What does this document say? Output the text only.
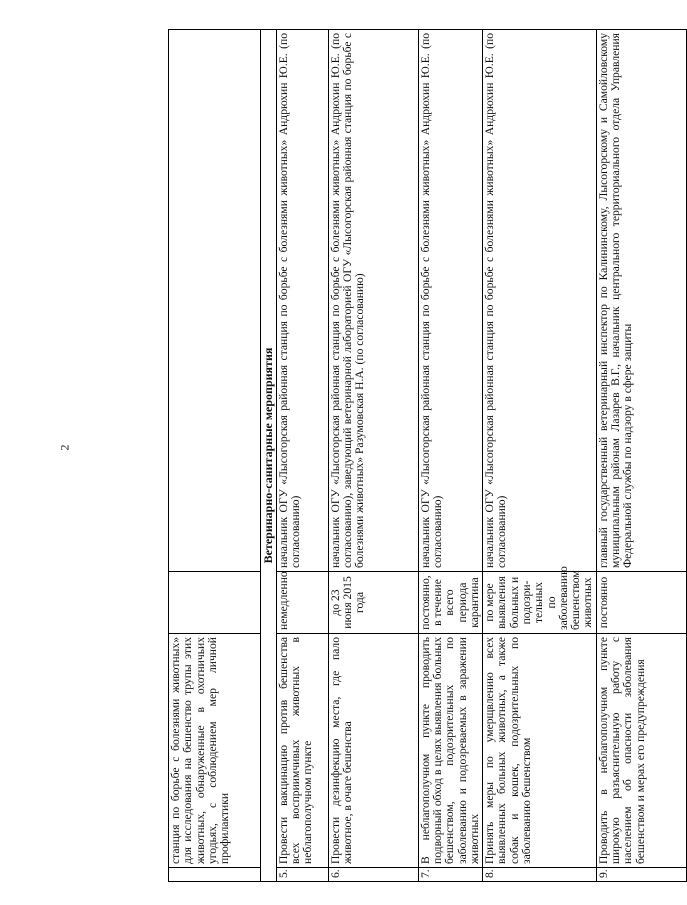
2
	станция по борьбе с болезнями животных» для исследования на бешенство трупы этих животных, обнаруженные в охотничьих угодьях, с соблюдением мер личной профилактики		
Ветеринарно-санитарные мероприятия			
5.	Провести вакцинацию против бешенства всех восприимчивых животных в неблагополучном пункте	немедленно	начальник ОГУ «Лысогорская районная станция по борьбе с болезнями животных» Андрюхин Ю.Е. (по согласованию)
6.	Провести дезинфекцию места, где пало животное, в очаге бешенства	до 23 июня 2015 года	начальник ОГУ «Лысогорская районная станция по борьбе с болезнями животных» Андрюхин Ю.Е. (по согласованию), заведующий ветеринарной лабораторией ОГУ «Лысогорская районная станция по борьбе с болезнями животных» Разумовская Н.А. (по согласованию)
7.	В неблагополучном пункте проводить подворный обход в целях выявления больных бешенством, подозрительных по заболеванию и подозреваемых в заражении животных	постоянно, в течение всего периода карантина	начальник ОГУ «Лысогорская районная станция по борьбе с болезнями животных» Андрюхин Ю.Е. (по согласованию)
8.	Принять меры по умерщвлению всех выявленных больных животных, а также собак и кошек, подозрительных по заболеванию бешенством	по мере выявления больных и подозри-тельных по заболеванию бешенством животных	начальник ОГУ «Лысогорская районная станция по борьбе с болезнями животных» Андрюхин Ю.Е. (по согласованию)
9.	Проводить в неблагополучном пункте широкую разъяснительную работу с населением об опасности заболевания бешенством и мерах его предупреждения	постоянно	главный государственный ветеринарный инспектор по Калининскому, Лысогорскому и Самойловскому муниципальным районам Лазарев В.Г., начальник центрального территориального отдела Управления Федеральной службы по надзору в сфере защиты
